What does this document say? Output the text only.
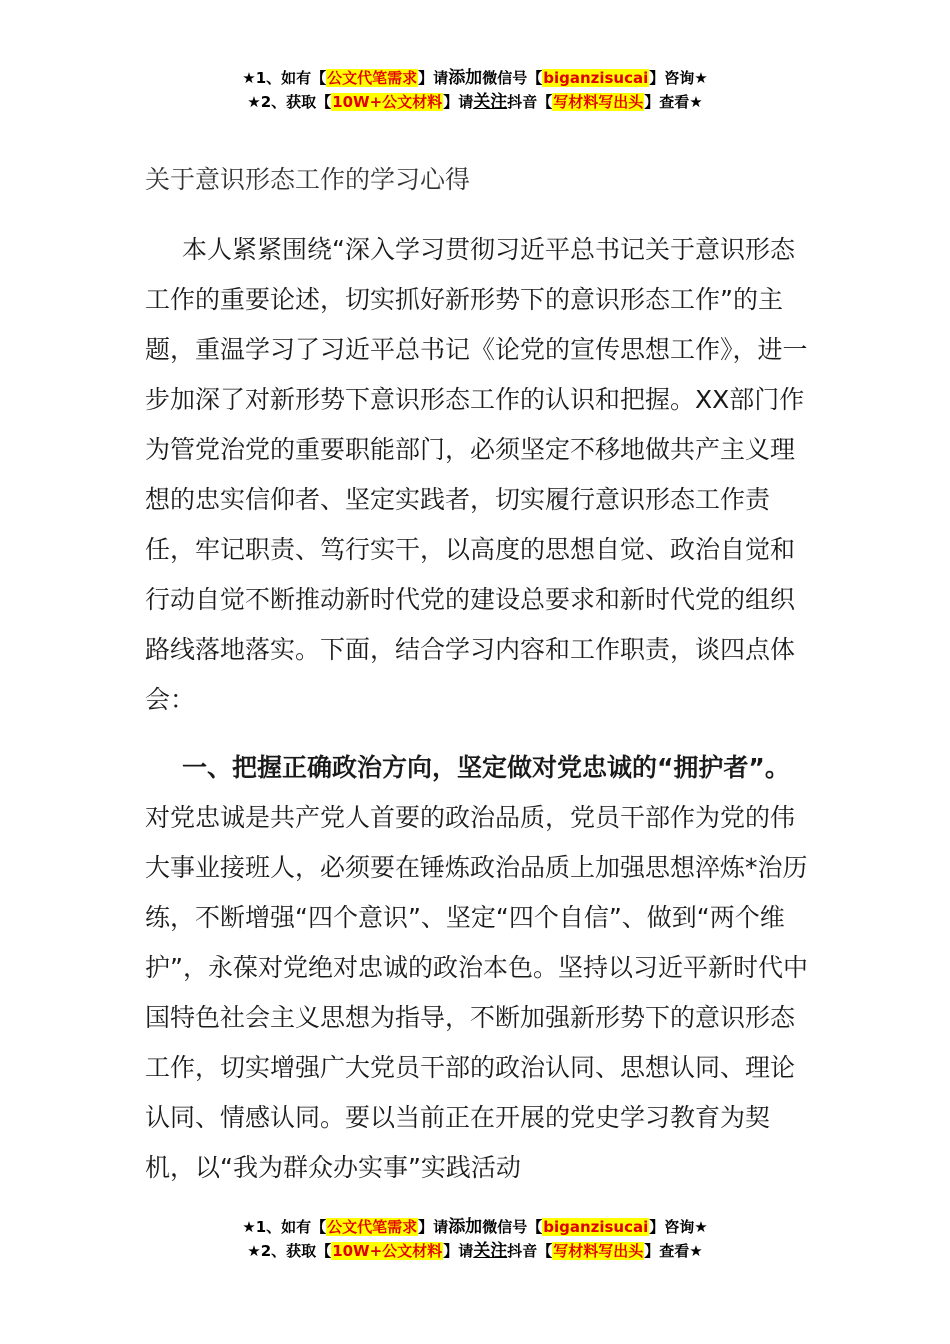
★1、如有【公文代笔需求】请添加微信号【biganzisucai】咨询★
★2、获取【10W+公文材料】请关注抖音【写材料写出头】查看★
关于意识形态工作的学习心得

本人紧紧围绕“深入学习贯彻习近平总书记关于意识形态工作的重要论述，切实抓好新形势下的意识形态工作”的主题，重温学习了习近平总书记《论党的宣传思想工作》，进一步加深了对新形势下意识形态工作的认识和把握。XX部门作为管党治党的重要职能部门，必须坚定不移地做共产主义理想的忠实信仰者、坚定实践者，切实履行意识形态工作责任，牢记职责、笃行实干，以高度的思想自觉、政治自觉和行动自觉不断推动新时代党的建设总要求和新时代党的组织路线落地落实。下面，结合学习内容和工作职责，谈四点体会：

一、把握正确政治方向，坚定做对党忠诚的“拥护者”。对党忠诚是共产党人首要的政治品质，党员干部作为党的伟大事业接班人，必须要在锤炼政治品质上加强思想淬炼*治历练，不断增强“四个意识”、坚定“四个自信”、做到“两个维护”，永葆对党绝对忠诚的政治本色。坚持以习近平新时代中国特色社会主义思想为指导，不断加强新形势下的意识形态工作，切实增强广大党员干部的政治认同、思想认同、理论认同、情感认同。要以当前正在开展的党史学习教育为契机，以“我为群众办实事”实践活动

★1、如有【公文代笔需求】请添加微信号【biganzisucai】咨询★
★2、获取【10W+公文材料】请关注抖音【写材料写出头】查看★
